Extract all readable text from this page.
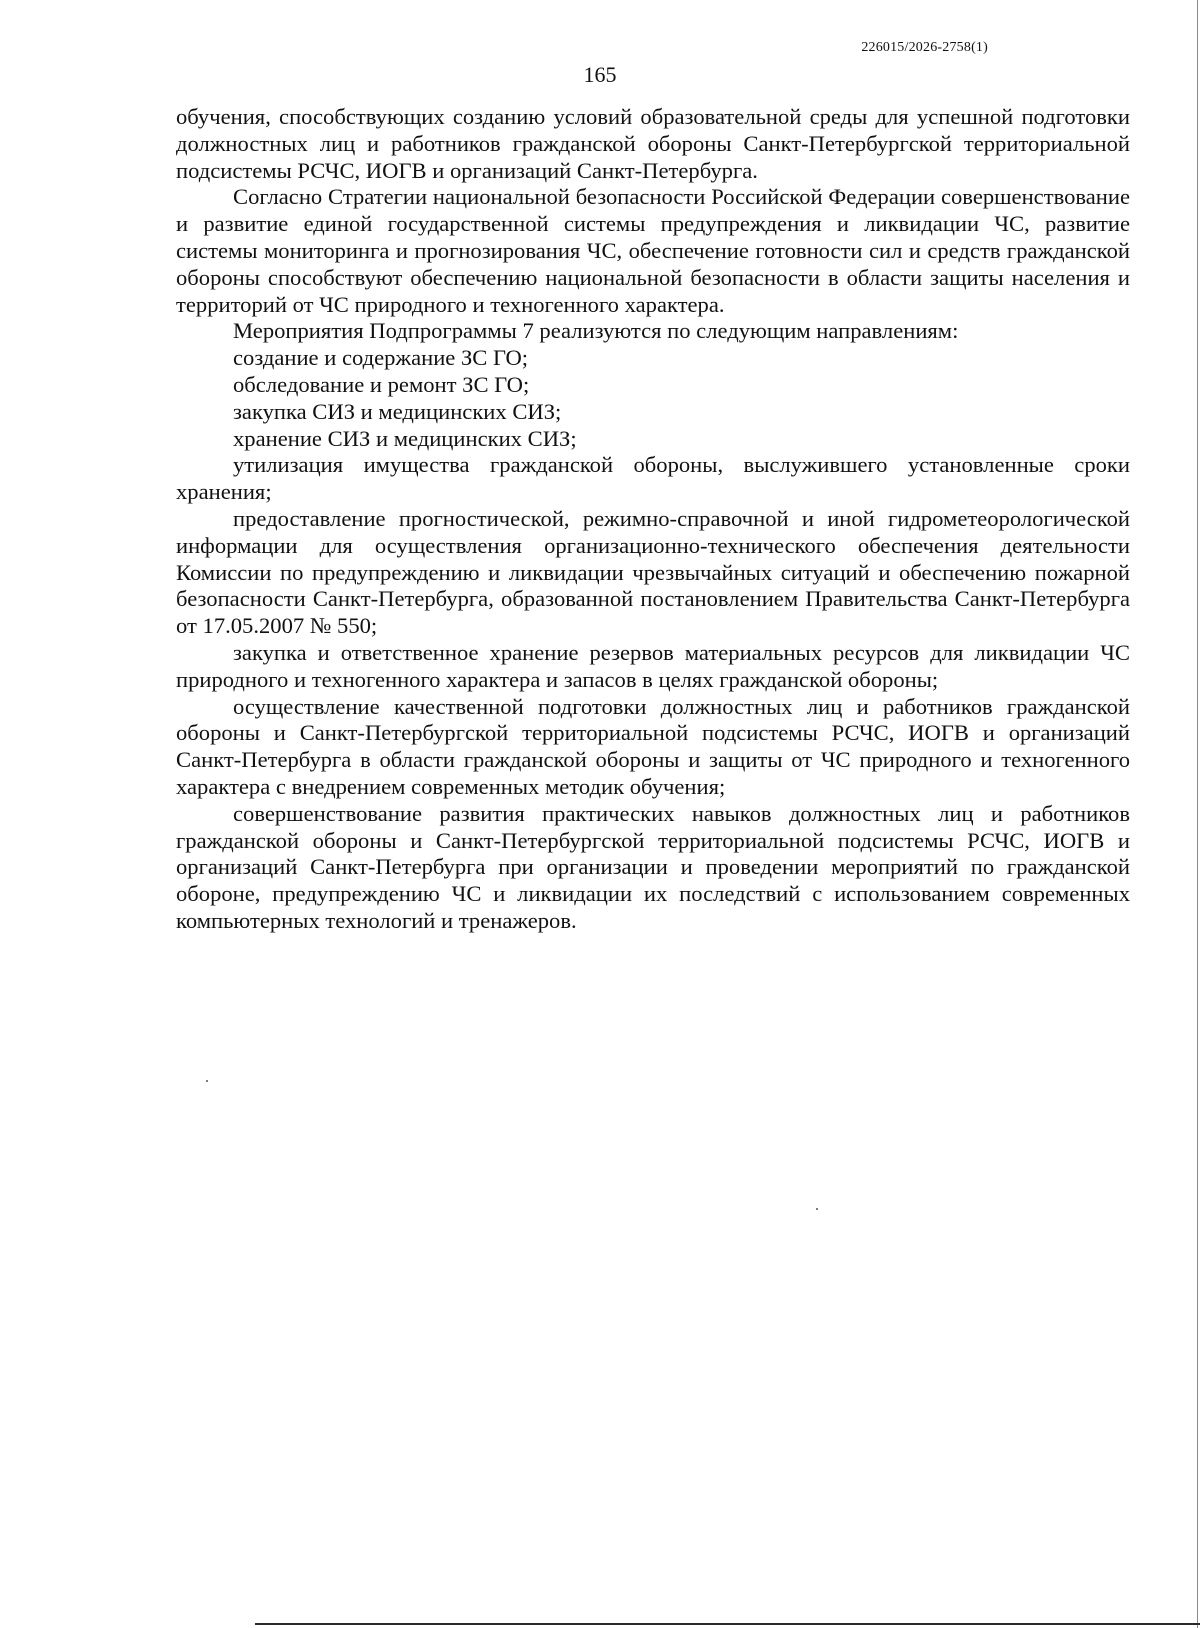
226015/2026-2758(1)
165

обучения, способствующих созданию условий образовательной среды для успешной подготовки должностных лиц и работников гражданской обороны Санкт-Петербургской территориальной подсистемы РСЧС, ИОГВ и организаций Санкт-Петербурга.

Согласно Стратегии национальной безопасности Российской Федерации совершенствование и развитие единой государственной системы предупреждения и ликвидации ЧС, развитие системы мониторинга и прогнозирования ЧС, обеспечение готовности сил и средств гражданской обороны способствуют обеспечению национальной безопасности в области защиты населения и территорий от ЧС природного и техногенного характера.

Мероприятия Подпрограммы 7 реализуются по следующим направлениям:

создание и содержание ЗС ГО;

обследование и ремонт ЗС ГО;

закупка СИЗ и медицинских СИЗ;

хранение СИЗ и медицинских СИЗ;

утилизация имущества гражданской обороны, выслужившего установленные сроки хранения;

предоставление прогностической, режимно-справочной и иной гидрометеорологической информации для осуществления организационно-технического обеспечения деятельности Комиссии по предупреждению и ликвидации чрезвычайных ситуаций и обеспечению пожарной безопасности Санкт-Петербурга, образованной постановлением Правительства Санкт-Петербурга от 17.05.2007 № 550;

закупка и ответственное хранение резервов материальных ресурсов для ликвидации ЧС природного и техногенного характера и запасов в целях гражданской обороны;

осуществление качественной подготовки должностных лиц и работников гражданской обороны и Санкт-Петербургской территориальной подсистемы РСЧС, ИОГВ и организаций Санкт-Петербурга в области гражданской обороны и защиты от ЧС природного и техногенного характера с внедрением современных методик обучения;

совершенствование развития практических навыков должностных лиц и работников гражданской обороны и Санкт-Петербургской территориальной подсистемы РСЧС, ИОГВ и организаций Санкт-Петербурга при организации и проведении мероприятий по гражданской обороне, предупреждению ЧС и ликвидации их последствий с использованием современных компьютерных технологий и тренажеров.
